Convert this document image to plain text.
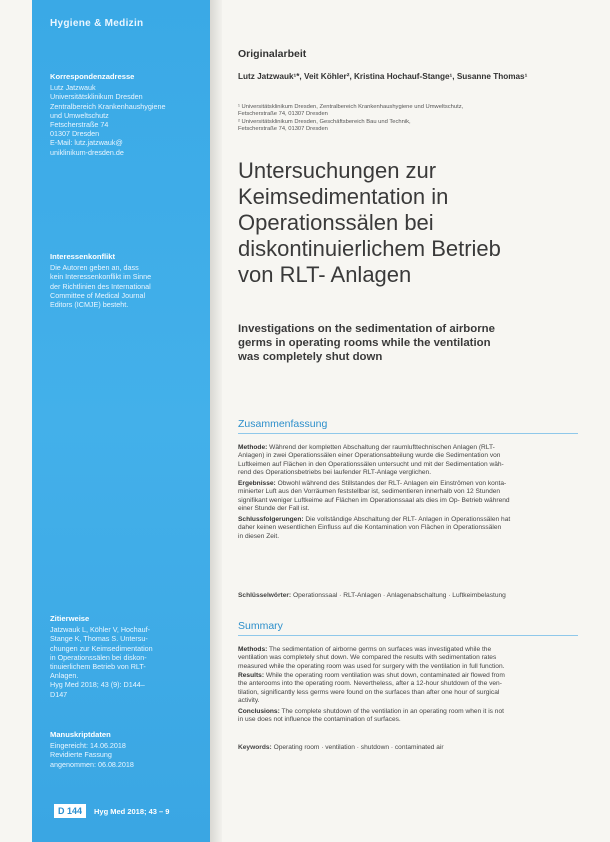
Hygiene & Medizin
Korrespondenzadresse
Lutz Jatzwauk
Universitätsklinikum Dresden
Zentralbereich Krankenhaushygiene
und Umweltschutz
Fetscherstraße 74
01307 Dresden
E-Mail: lutz.jatzwauk@
uniklinikum-dresden.de
Interessenkonflikt
Die Autoren geben an, dass
kein Interessenkonflikt im Sinne
der Richtlinien des International
Committee of Medical Journal
Editors (ICMJE) besteht.
Zitierweise
Jatzwauk L, Köhler V, Hochauf-
Stange K, Thomas S. Untersu-
chungen zur Keimsedimentation
in Operationssälen bei diskon-
tinuierlichem Betrieb von RLT-
Anlagen.
Hyg Med 2018; 43 (9): D144–
D147
Manuskriptdaten
Eingereicht: 14.06.2018
Revidierte Fassung
angenommen: 06.08.2018
D 144	Hyg Med 2018; 43 – 9
Originalarbeit
Lutz Jatzwauk¹*, Veit Köhler², Kristina Hochauf-Stange¹, Susanne Thomas¹
¹ Universitätsklinikum Dresden, Zentralbereich Krankenhaushygiene und Umweltschutz,
Fetscherstraße 74, 01307 Dresden
² Universitätsklinikum Dresden, Geschäftsbereich Bau und Technik,
Fetscherstraße 74, 01307 Dresden
Untersuchungen zur
Keimsedimentation in
Operationssälen bei
diskontinuierlichem Betrieb
von RLT- Anlagen
Investigations on the sedimentation of airborne
germs in operating rooms while the ventilation
was completely shut down
Zusammenfassung
Methode: Während der kompletten Abschaltung der raumlufttechnischen Anlagen (RLT-
Anlagen) in zwei Operationssälen einer Operationsabteilung wurde die Sedimentation von
Luftkeimen auf Flächen in den Operationssälen untersucht und mit der Sedimentation wäh-
rend des Operationsbetriebs bei laufender RLT-Anlage verglichen.
Ergebnisse: Obwohl während des Stillstandes der RLT- Anlagen ein Einströmen von konta-
minierter Luft aus den Vorräumen feststellbar ist, sedimentieren innerhalb von 12 Stunden
signifikant weniger Luftkeime auf Flächen im Operationssaal als dies im Op- Betrieb während
einer Stunde der Fall ist.
Schlussfolgerungen: Die vollständige Abschaltung der RLT- Anlagen in Operationssälen hat
daher keinen wesentlichen Einfluss auf die Kontamination von Flächen in Operationssälen
in diesen Zeit.
Schlüsselwörter: Operationssaal · RLT-Anlagen · Anlagenabschaltung · Luftkeimbelastung
Summary
Methods: The sedimentation of airborne germs on surfaces was investigated while the
ventilation was completely shut down. We compared the results with sedimentation rates
measured while the operating room was used for surgery with the ventilation in full function.
Results: While the operating room ventilation was shut down, contaminated air flowed from
the anterooms into the operating room. Nevertheless, after a 12-hour shutdown of the ven-
tilation, significantly less germs were found on the surfaces than after one hour of surgical
activity.
Conclusions: The complete shutdown of the ventilation in an operating room when it is not
in use does not influence the contamination of surfaces.
Keywords: Operating room · ventilation · shutdown · contaminated air
